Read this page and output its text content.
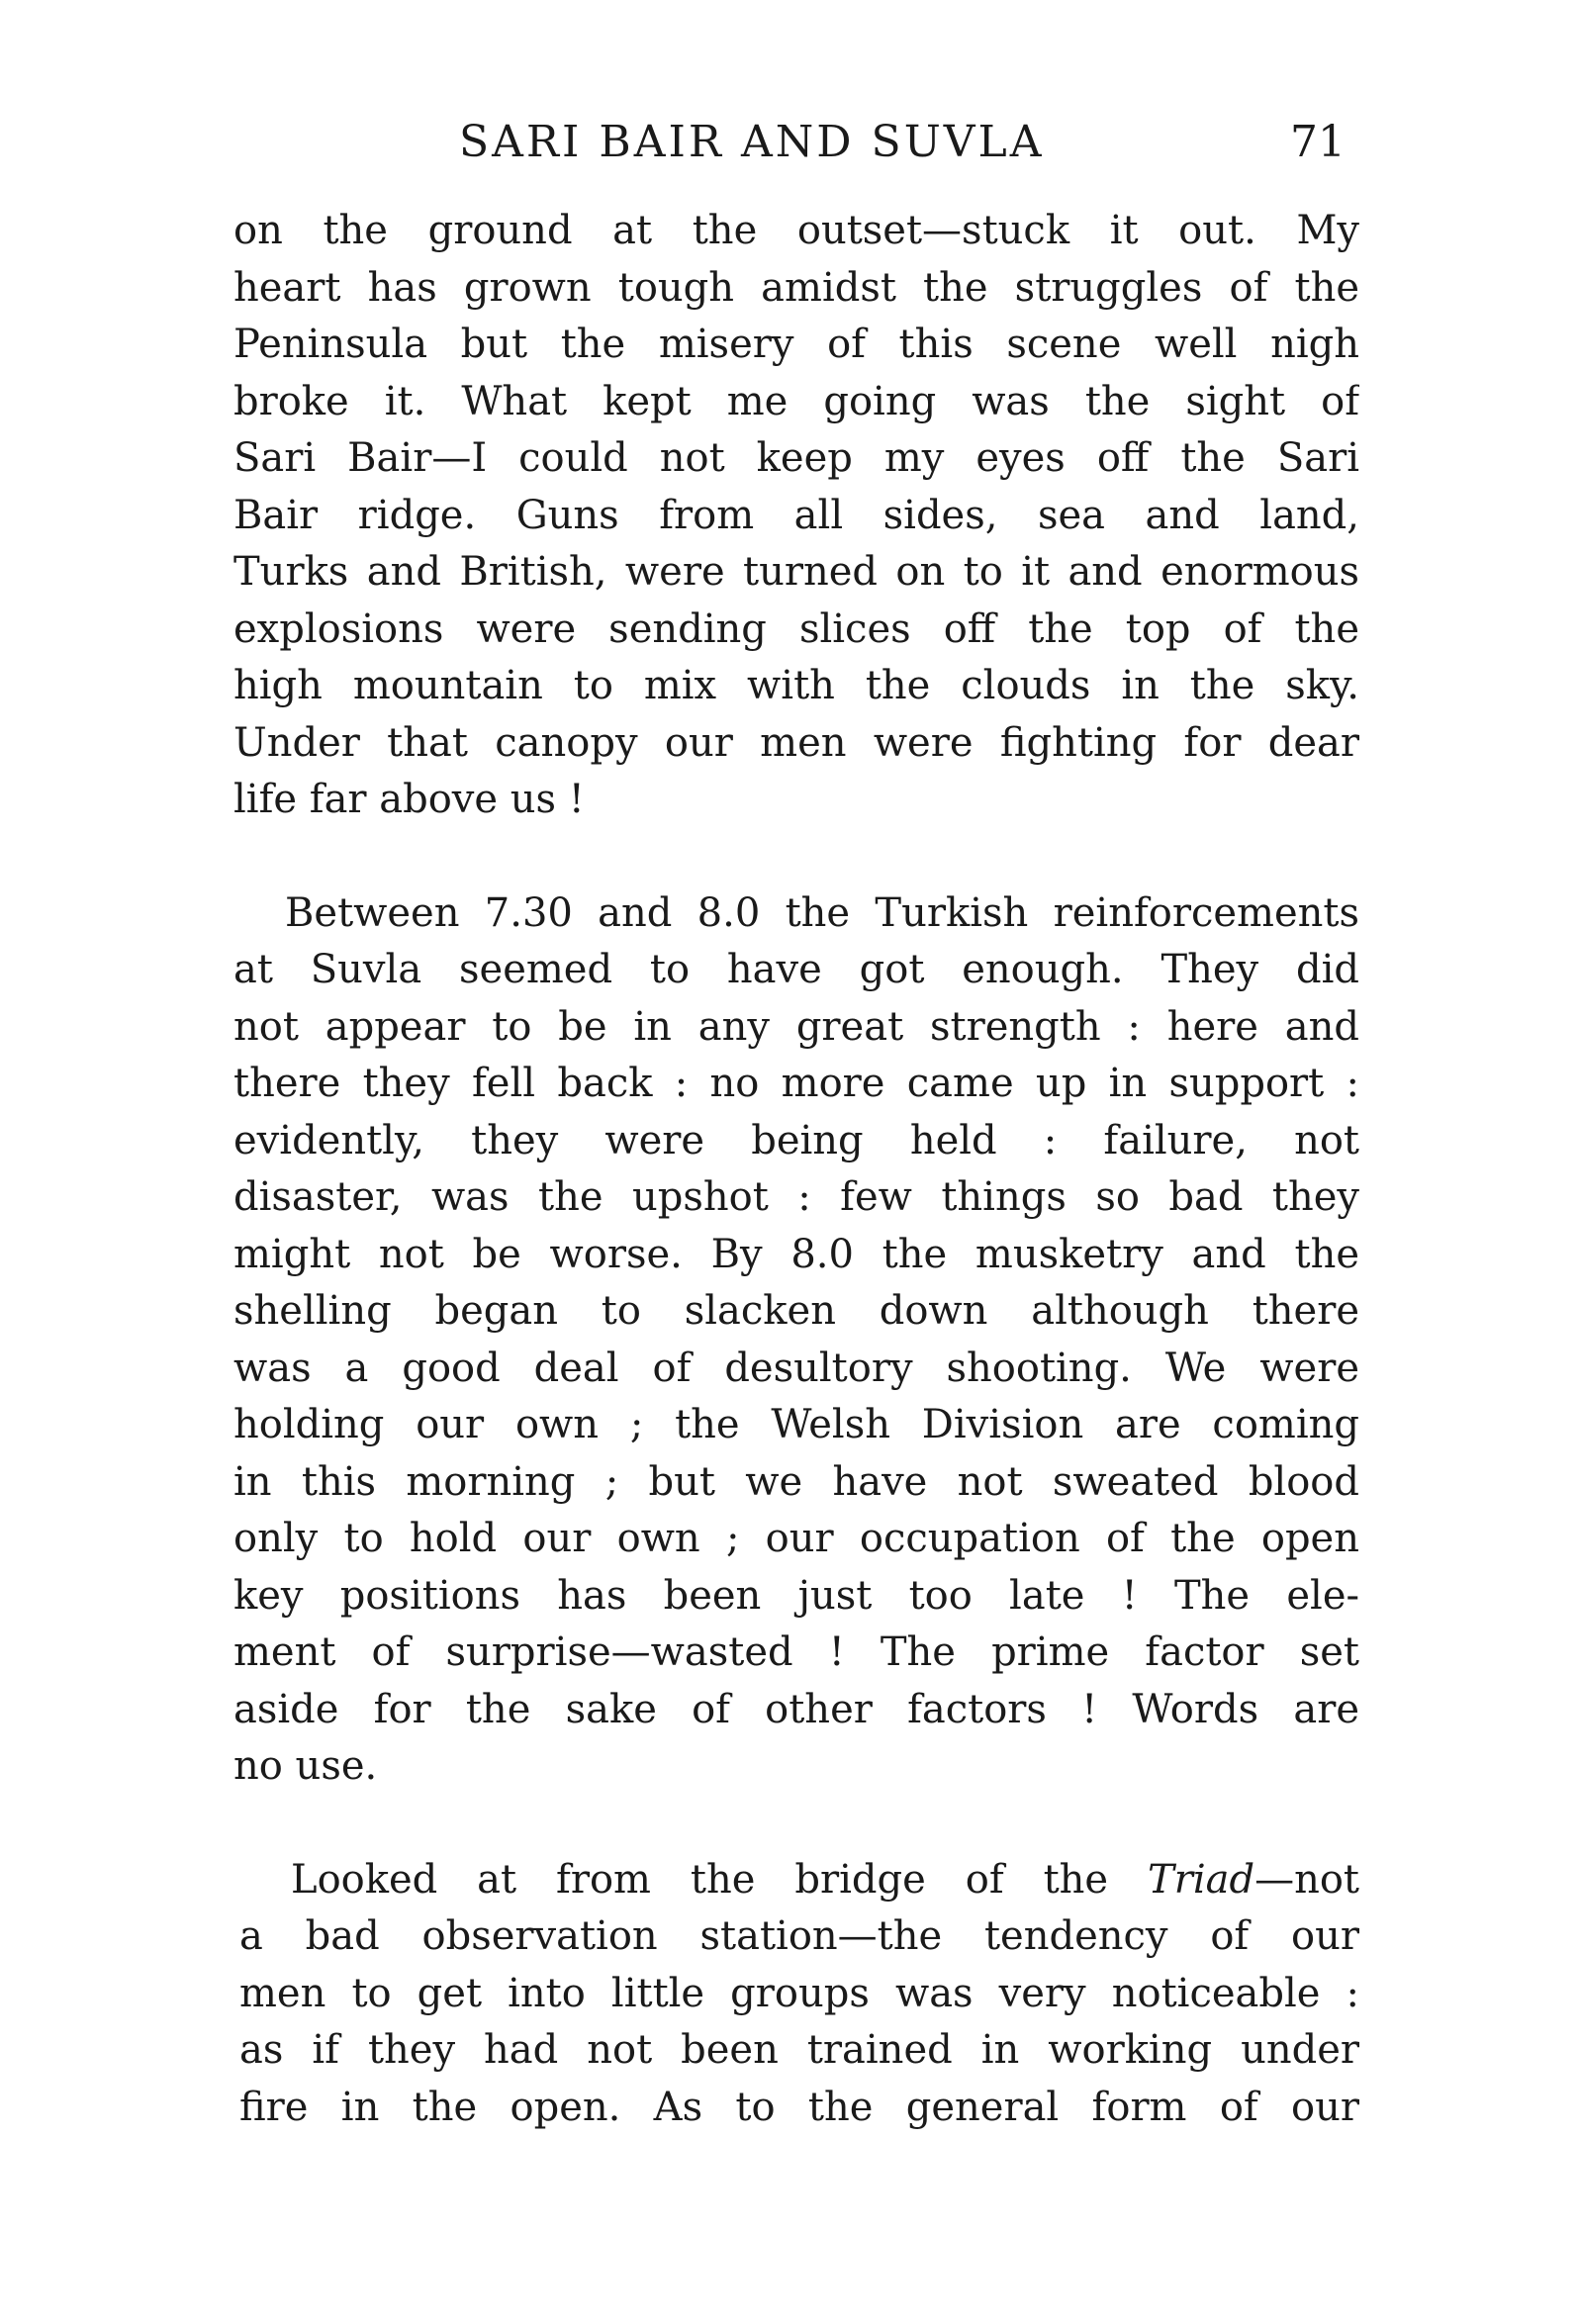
SARI BAIR AND SUVLA	71

on the ground at the outset—stuck it out. My
heart has grown tough amidst the struggles of the
Peninsula but the misery of this scene well nigh
broke it. What kept me going was the sight of
Sari Bair—I could not keep my eyes off the Sari
Bair ridge. Guns from all sides, sea and land,
Turks and British, were turned on to it and enormous
explosions were sending slices off the top of the
high mountain to mix with the clouds in the sky.
Under that canopy our men were fighting for dear
life far above us !

Between 7.30 and 8.0 the Turkish reinforcements
at Suvla seemed to have got enough. They did
not appear to be in any great strength : here and
there they fell back : no more came up in support :
evidently, they were being held : failure, not
disaster, was the upshot : few things so bad they
might not be worse. By 8.0 the musketry and the
shelling began to slacken down although there
was a good deal of desultory shooting. We were
holding our own ; the Welsh Division are coming
in this morning ; but we have not sweated blood
only to hold our own ; our occupation of the open
key positions has been just too late ! The ele-
ment of surprise—wasted ! The prime factor set
aside for the sake of other factors ! Words are
no use.

Looked at from the bridge of the Triad—not
a bad observation station—the tendency of our
men to get into little groups was very noticeable :
as if they had not been trained in working under
fire in the open. As to the general form of our
